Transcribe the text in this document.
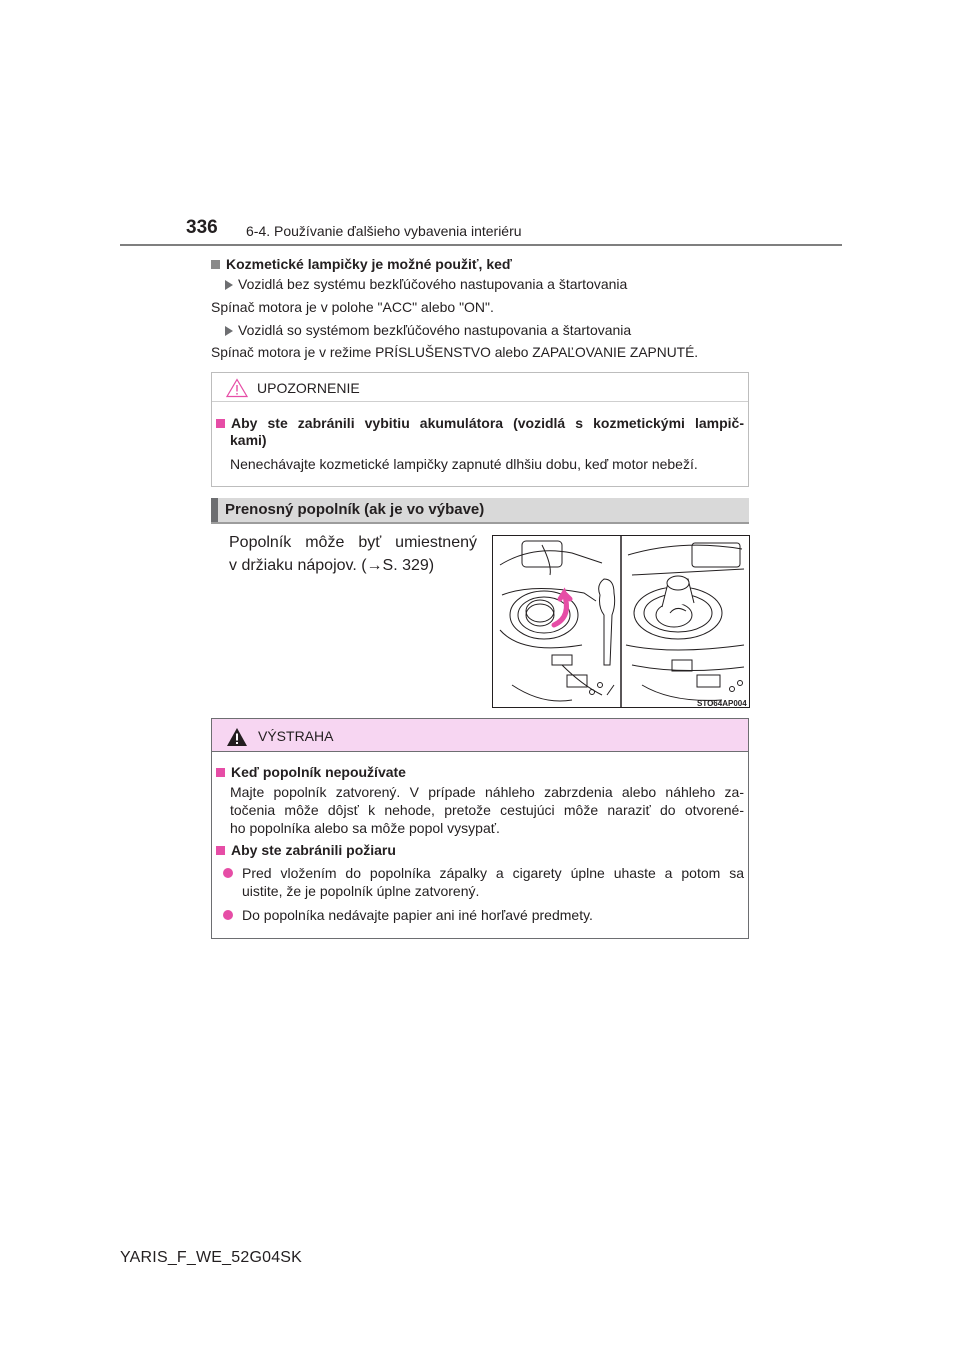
336 6-4. Používanie ďalšieho vybavenia interiéru
Kozmetické lampičky je možné použiť, keď
Vozidlá bez systému bezkľúčového nastupovania a štartovania
Spínač motora je v polohe "ACC" alebo "ON".
Vozidlá so systémom bezkľúčového nastupovania a štartovania
Spínač motora je v režime PRÍSLUŠENSTVO alebo ZAPAĽOVANIE ZAPNUTÉ.
UPOZORNENIE
Aby ste zabránili vybitiu akumulátora (vozidlá s kozmetickými lampič-
kami)
Nenechávajte kozmetické lampičky zapnuté dlhšiu dobu, keď motor nebeží.
Prenosný popolník (ak je vo výbave)
Popolník môže byť umiestnený
v držiaku nápojov. (→S. 329)
STO64AP004
VÝSTRAHA
Keď popolník nepoužívate
Majte popolník zatvorený. V prípade náhleho zabrzdenia alebo náhleho za-
točenia môže dôjsť k nehode, pretože cestujúci môže naraziť do otvorené-
ho popolníka alebo sa môže popol vysypať.
Aby ste zabránili požiaru
Pred vložením do popolníka zápalky a cigarety úplne uhaste a potom sa
uistite, že je popolník úplne zatvorený.
Do popolníka nedávajte papier ani iné horľavé predmety.
YARIS_F_WE_52G04SK
